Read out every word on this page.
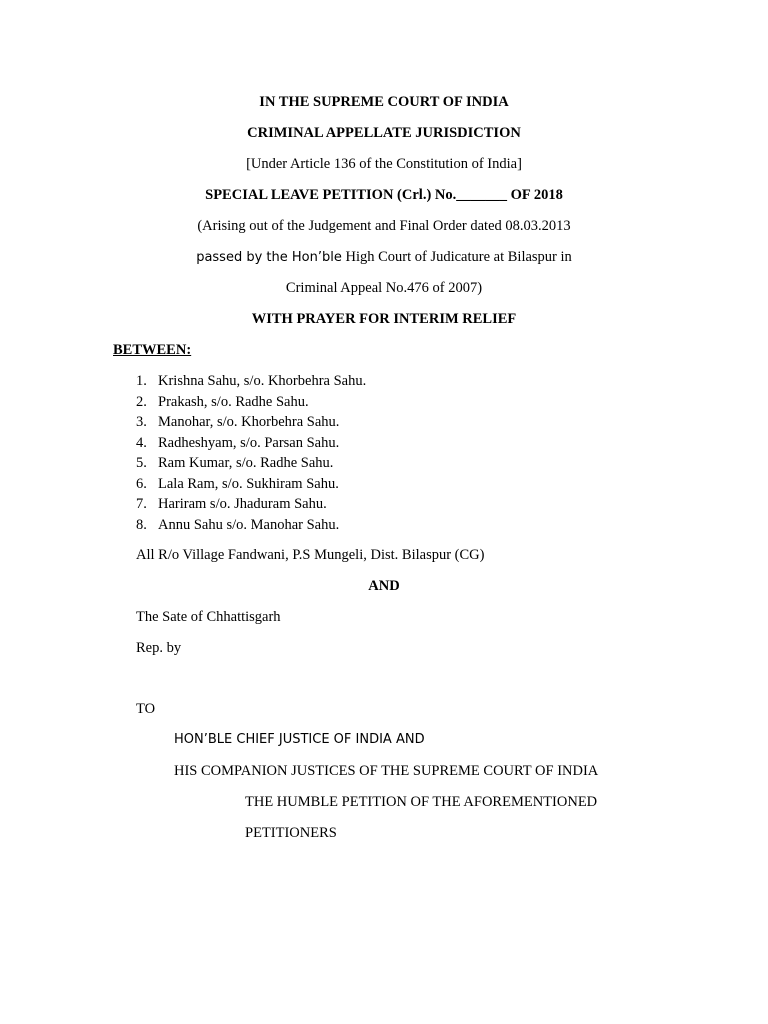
IN THE SUPREME COURT OF INDIA
CRIMINAL APPELLATE JURISDICTION
[Under Article 136 of the Constitution of India]
SPECIAL LEAVE PETITION (Crl.) No._______ OF 2018
(Arising out of the Judgement and Final Order dated 08.03.2013
passed by the Hon’ble High Court of Judicature at Bilaspur in
Criminal Appeal No.476 of 2007)
WITH PRAYER FOR INTERIM RELIEF
BETWEEN:
1. Krishna Sahu, s/o. Khorbehra Sahu.
2. Prakash, s/o. Radhe Sahu.
3. Manohar, s/o. Khorbehra Sahu.
4. Radheshyam, s/o. Parsan Sahu.
5. Ram Kumar, s/o. Radhe Sahu.
6. Lala Ram, s/o. Sukhiram Sahu.
7. Hariram s/o. Jhaduram Sahu.
8. Annu Sahu s/o. Manohar Sahu.
All R/o Village Fandwani, P.S Mungeli, Dist. Bilaspur (CG)
AND
The Sate of Chhattisgarh
Rep. by
TO
HON’BLE CHIEF JUSTICE OF INDIA AND
HIS COMPANION JUSTICES OF THE SUPREME COURT OF INDIA
THE HUMBLE PETITION OF THE AFOREMENTIONED
PETITIONERS
